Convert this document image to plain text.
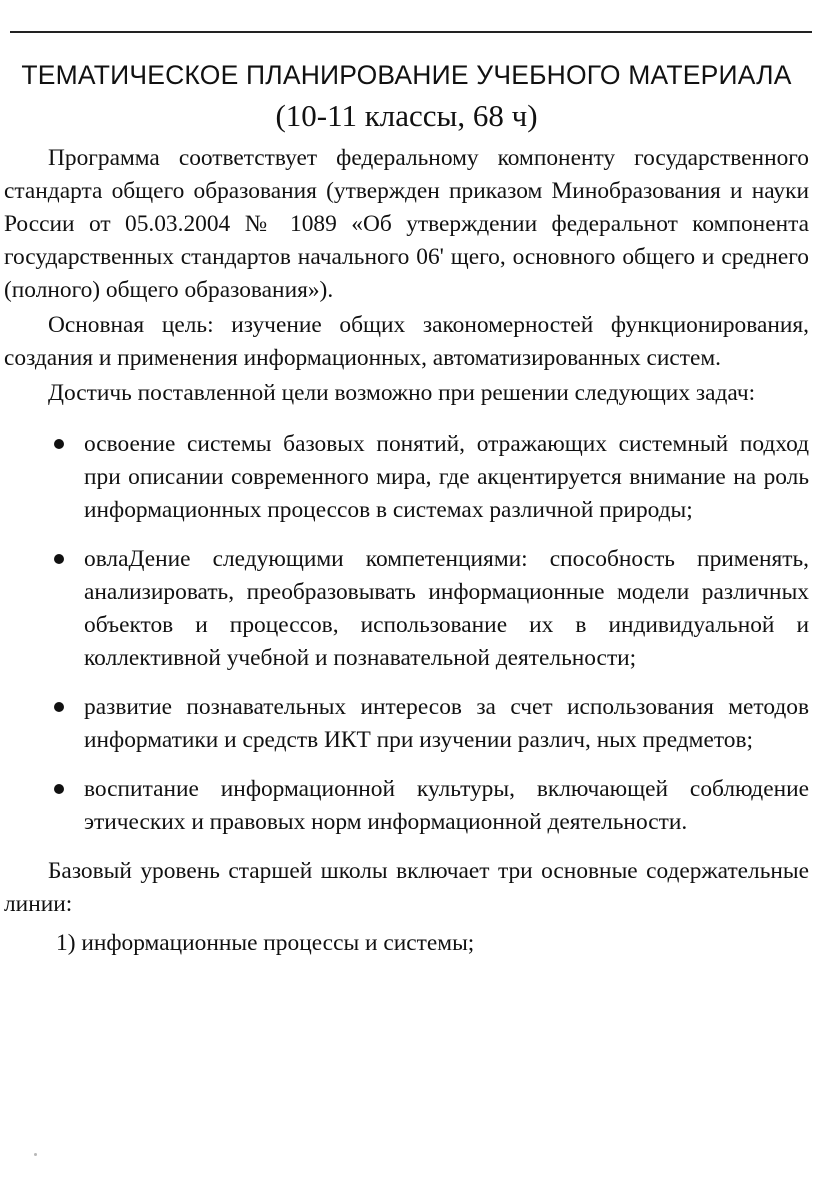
ТЕМАТИЧЕСКОЕ ПЛАНИРОВАНИЕ УЧЕБНОГО МАТЕРИАЛА
(10-11 классы, 68 ч)

Программа соответствует федеральному компоненту государственного стандарта общего образования (утвержден приказом Минобразования и науки России от 05.03.2004 № 1089 «Об утверждении федеральнот компонента государственных стандартов начального 06' щего, основного общего и среднего (полного) общего образования»).

Основная цель: изучение общих закономерностей функционирования, создания и применения информационных, автоматизированных систем.

Достичь поставленной цели возможно при решении следующих задач:

освоение системы базовых понятий, отражающих системный подход при описании современного мира, где акцентируется внимание на роль информационных процессов в системах различной природы;
овлаДение следующими компетенциями: способность применять, анализировать, преобразовывать информационные модели различных объектов и процессов, использование их в индивидуальной и коллективной учебной и познавательной деятельности;
развитие познавательных интересов за счет использования методов информатики и средств ИКТ при изучении различ, ных предметов;
воспитание информационной культуры, включающей соблюдение этических и правовых норм информационной деятельности.

Базовый уровень старшей школы включает три основные содержательные линии:

1) информационные процессы и системы;
